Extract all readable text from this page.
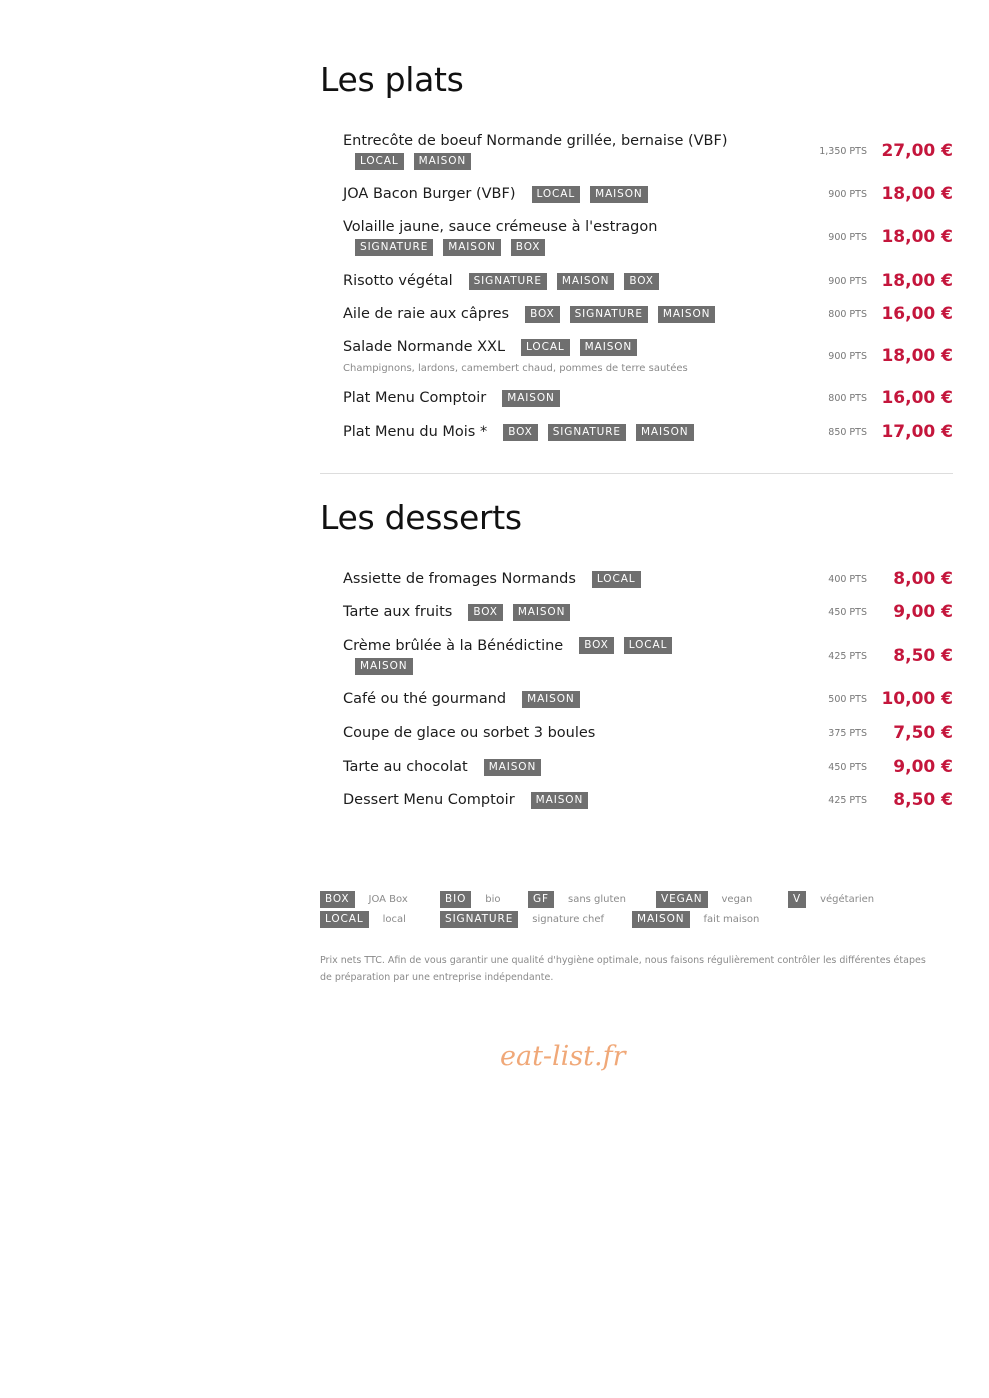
Les plats
Entrecôte de boeuf Normande grillée, bernaise (VBF)
LOCAL	MAISON
1,350 PTS 27,00 €
JOA Bacon Burger (VBF)	LOCAL	MAISON	900 PTS 18,00 €
Volaille jaune, sauce crémeuse à l'estragon
SIGNATURE	MAISON	BOX
900 PTS 18,00 €
Risotto végétal	SIGNATURE	MAISON	BOX	900 PTS 18,00 €
Aile de raie aux câpres	BOX	SIGNATURE	MAISON	800 PTS 16,00 €
Salade Normande XXL	LOCAL	MAISON
Champignons, lardons, camembert chaud, pommes de terre sautées
900 PTS 18,00 €
Plat Menu Comptoir	MAISON	800 PTS 16,00 €
Plat Menu du Mois *	BOX	SIGNATURE	MAISON	850 PTS 17,00 €
Les desserts
Assiette de fromages Normands	LOCAL	400 PTS	8,00 €
Tarte aux fruits	BOX	MAISON	450 PTS	9,00 €
Crème brûlée à la Bénédictine	BOX	LOCAL
MAISON
425 PTS	8,50 €
Café ou thé gourmand	MAISON	500 PTS 10,00 €
Coupe de glace ou sorbet 3 boules	375 PTS	7,50 €
Tarte au chocolat	MAISON	450 PTS	9,00 €
Dessert Menu Comptoir	MAISON	425 PTS	8,50 €
BOX	JOA Box	BIO	bio	GF	sans gluten	VEGAN	vegan	V	végétarien
LOCAL	local	SIGNATURE	signature chef	MAISON	fait maison
Prix nets TTC. Afin de vous garantir une qualité d'hygiène optimale, nous faisons régulièrement contrôler les différentes étapes de préparation par une entreprise indépendante.
eat-list.fr
